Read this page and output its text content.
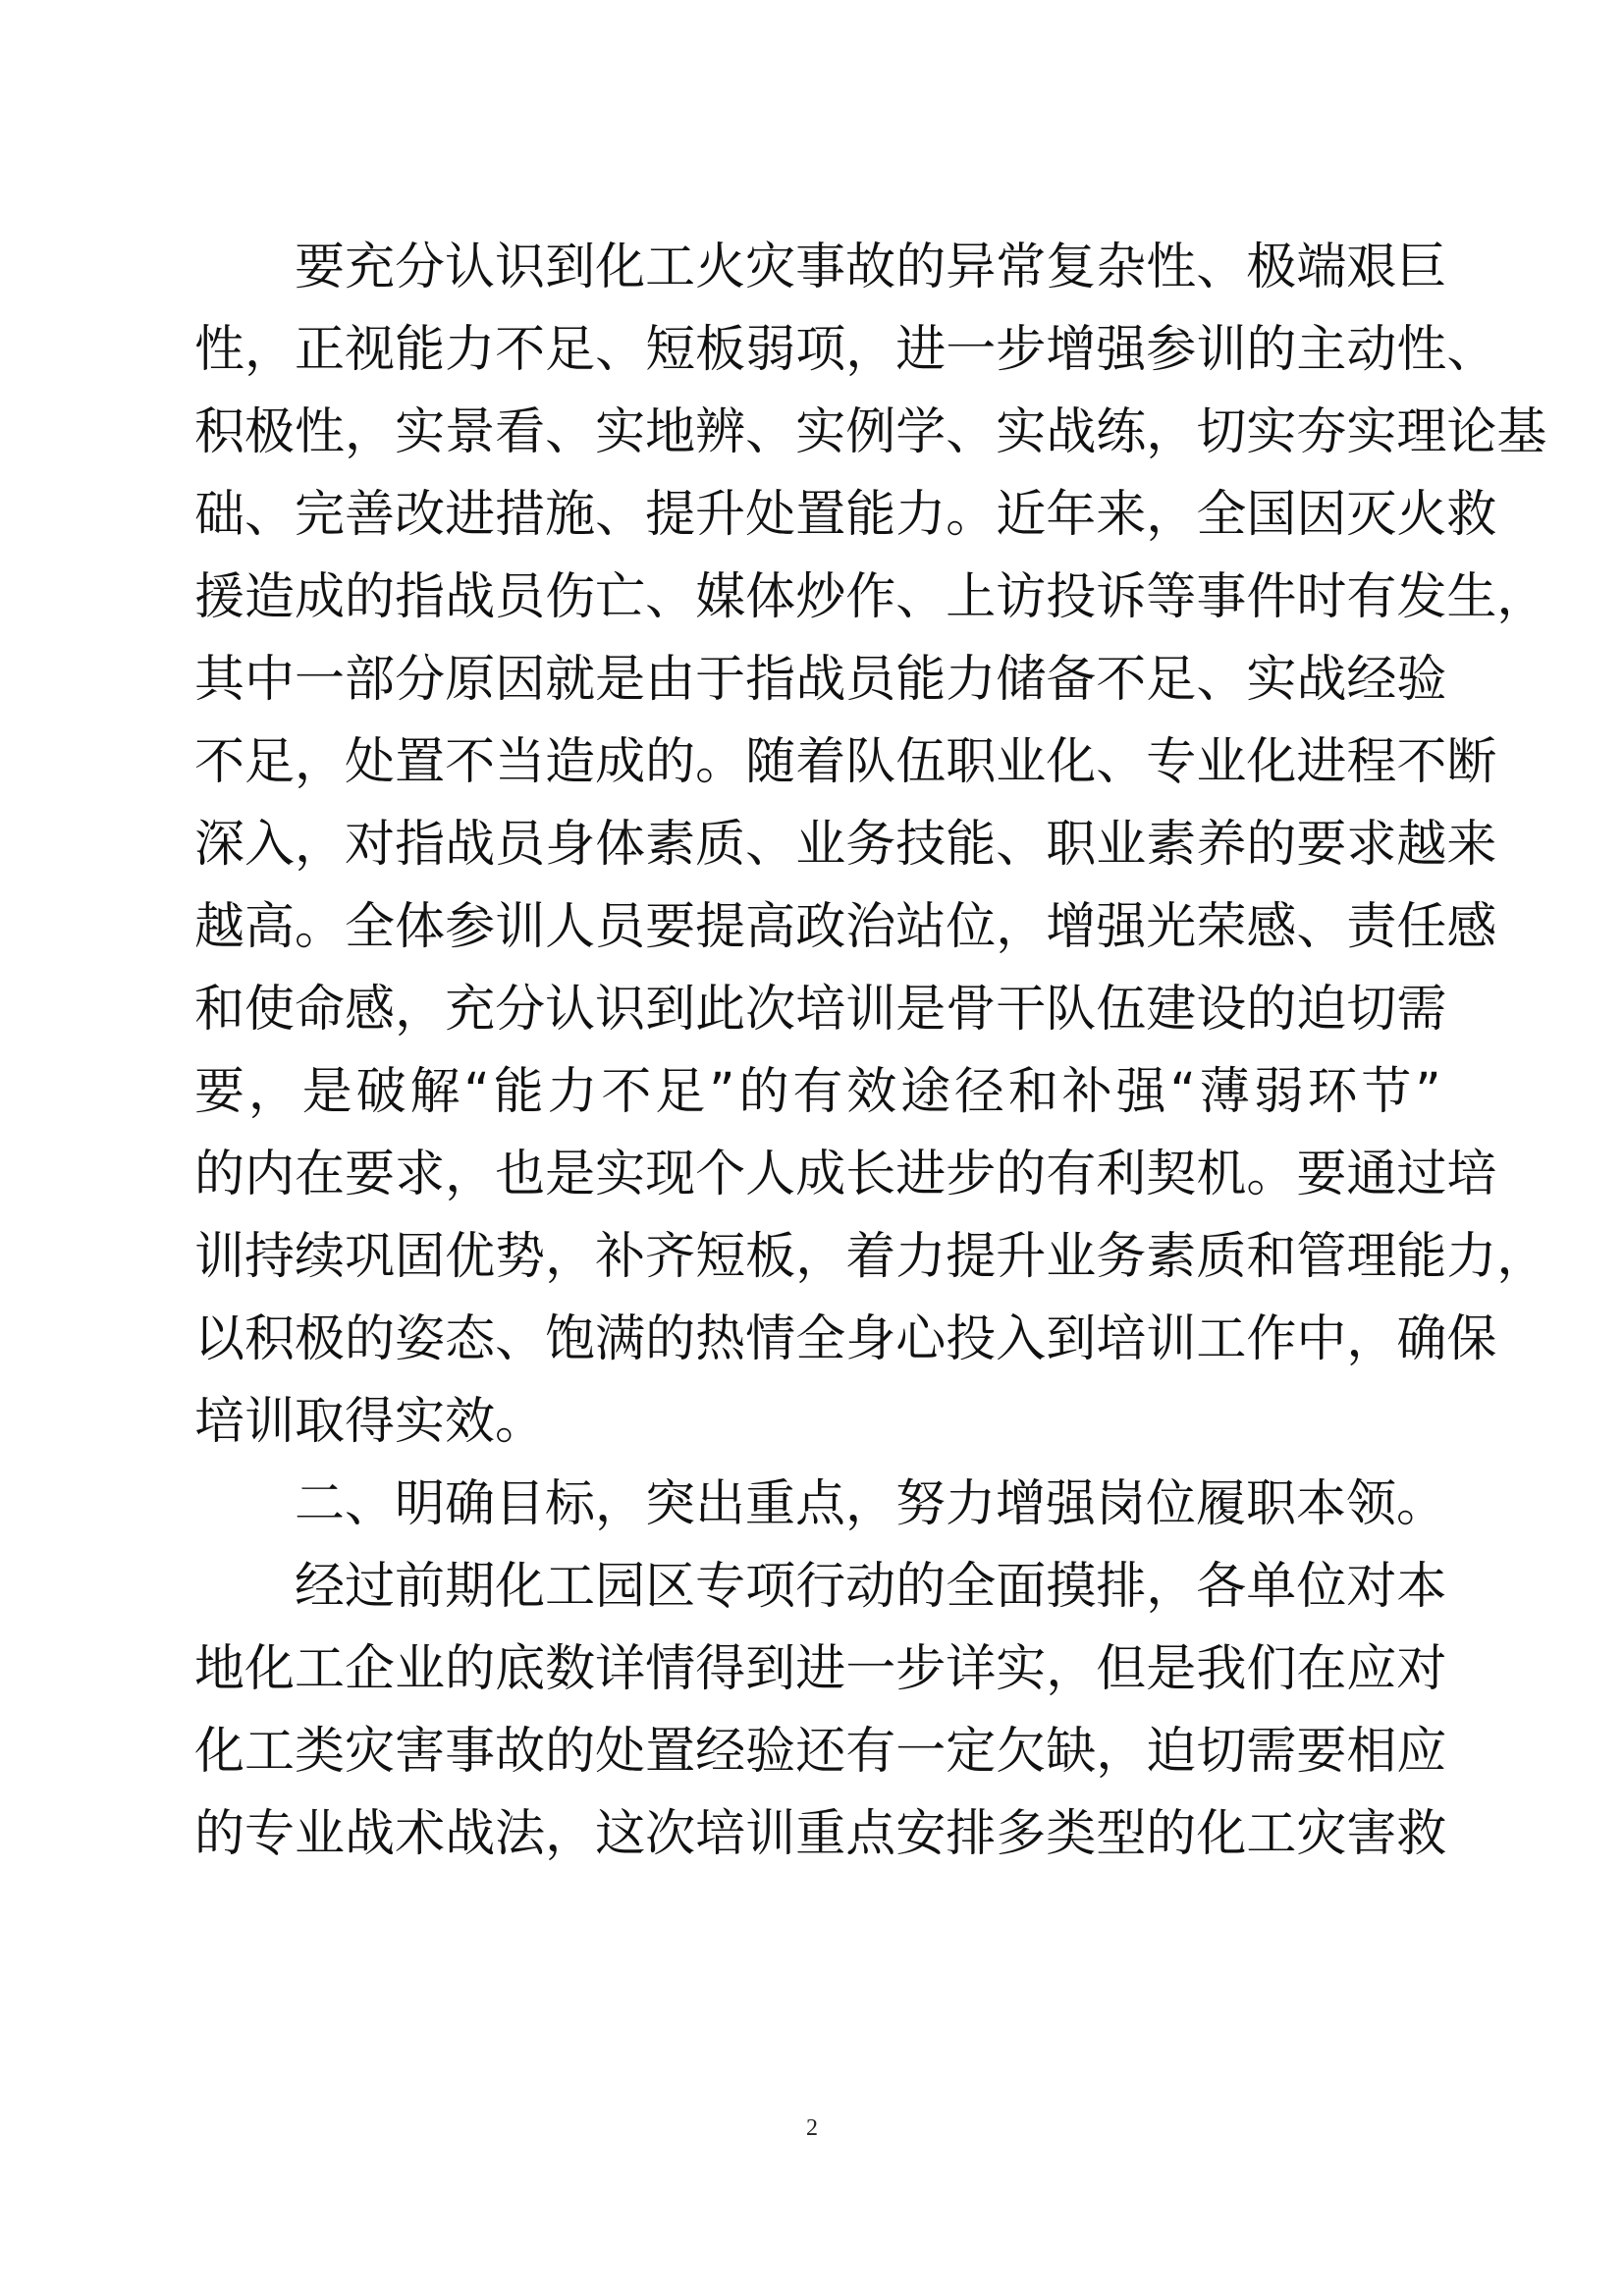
要 充 分 认 识 到 化 工 火 灾 事 故 的 异 常 复 杂 性 、 极 端 艰 巨
性 ， 正 视 能 力 不 足 、 短 板 弱 项 ， 进 一 步 增 强 参 训 的 主 动 性 、
积 极 性 ， 实 景 看 、 实 地 辨 、 实 例 学 、 实 战 练 ， 切 实 夯 实 理 论 基
础 、 完 善 改 进 措 施 、 提 升 处 置 能 力 。 近 年 来 ， 全 国 因 灭 火 救
援 造 成 的 指 战 员 伤 亡 、 媒 体 炒 作 、 上 访 投 诉 等 事 件 时 有 发 生 ，
其 中 一 部 分 原 因 就 是 由 于 指 战 员 能 力 储 备 不 足 、 实 战 经 验
不 足 ， 处 置 不 当 造 成 的 。 随 着 队 伍 职 业 化 、 专 业 化 进 程 不 断
深 入 ， 对 指 战 员 身 体 素 质 、 业 务 技 能 、 职 业 素 养 的 要 求 越 来
越 高 。 全 体 参 训 人 员 要 提 高 政 治 站 位 ， 增 强 光 荣 感 、 责 任 感
和 使 命 感 ， 充 分 认 识 到 此 次 培 训 是 骨 干 队 伍 建 设 的 迫 切 需
要 ， 是 破 解 “ 能 力 不 足 ” 的 有 效 途 径 和 补 强 “ 薄 弱 环 节 ”
的 内 在 要 求 ， 也 是 实 现 个 人 成 长 进 步 的 有 利 契 机 。 要 通 过 培
训 持 续 巩 固 优 势 ， 补 齐 短 板 ， 着 力 提 升 业 务 素 质 和 管 理 能 力 ，
以 积 极 的 姿 态 、 饱 满 的 热 情 全 身 心 投 入 到 培 训 工 作 中 ， 确 保
培训取得实效。
二、明确目标，突出重点，努力增强岗位履职本领。
经 过 前 期 化 工 园 区 专 项 行 动 的 全 面 摸 排 ， 各 单 位 对 本
地 化 工 企 业 的 底 数 详 情 得 到 进 一 步 详 实 ， 但 是 我 们 在 应 对
化 工 类 灾 害 事 故 的 处 置 经 验 还 有 一 定 欠 缺 ， 迫 切 需 要 相 应
的 专 业 战 术 战 法 ， 这 次 培 训 重 点 安 排 多 类 型 的 化 工 灾 害 救
2
